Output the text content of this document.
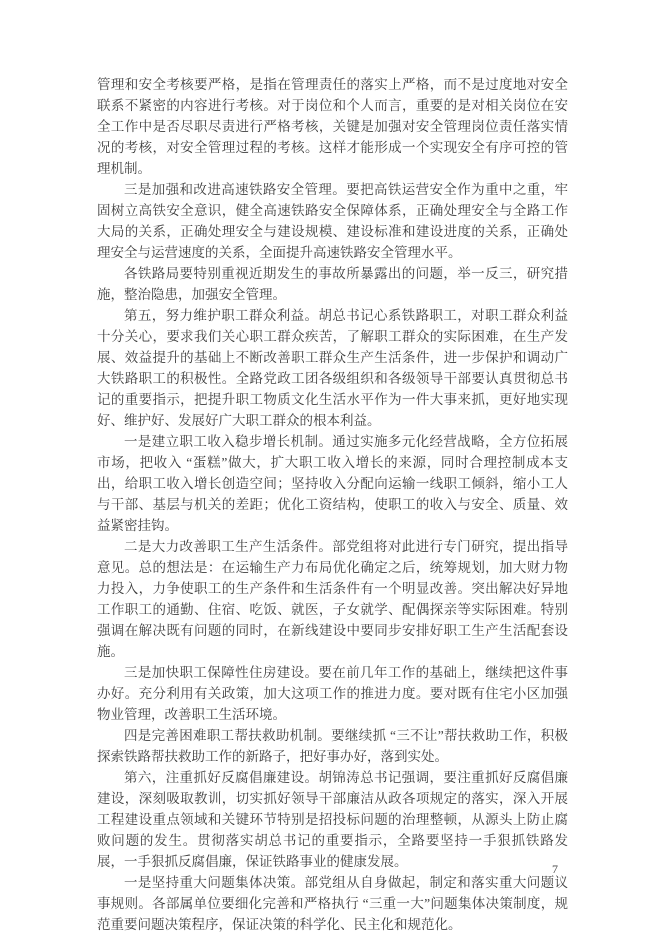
管理和安全考核要严格，是指在管理责任的落实上严格，而不是过度地对安全联系不紧密的内容进行考核。对于岗位和个人而言，重要的是对相关岗位在安全工作中是否尽职尽责进行严格考核，关键是加强对安全管理岗位责任落实情况的考核，对安全管理过程的考核。这样才能形成一个实现安全有序可控的管理机制。

三是加强和改进高速铁路安全管理。要把高铁运营安全作为重中之重，牢固树立高铁安全意识，健全高速铁路安全保障体系，正确处理安全与全路工作大局的关系，正确处理安全与建设规模、建设标准和建设进度的关系，正确处理安全与运营速度的关系，全面提升高速铁路安全管理水平。

各铁路局要特别重视近期发生的事故所暴露出的问题，举一反三，研究措施，整治隐患，加强安全管理。

第五，努力维护职工群众利益。胡总书记心系铁路职工，对职工群众利益十分关心，要求我们关心职工群众疾苦，了解职工群众的实际困难，在生产发展、效益提升的基础上不断改善职工群众生产生活条件，进一步保护和调动广大铁路职工的积极性。全路党政工团各级组织和各级领导干部要认真贯彻总书记的重要指示，把提升职工物质文化生活水平作为一件大事来抓，更好地实现好、维护好、发展好广大职工群众的根本利益。

一是建立职工收入稳步增长机制。通过实施多元化经营战略，全方位拓展市场，把收入 “蛋糕”做大，扩大职工收入增长的来源，同时合理控制成本支出，给职工收入增长创造空间；坚持收入分配向运输一线职工倾斜，缩小工人与干部、基层与机关的差距；优化工资结构，使职工的收入与安全、质量、效益紧密挂钩。

二是大力改善职工生产生活条件。部党组将对此进行专门研究，提出指导意见。总的想法是：在运输生产力布局优化确定之后，统筹规划，加大财力物力投入，力争使职工的生产条件和生活条件有一个明显改善。突出解决好异地工作职工的通勤、住宿、吃饭、就医，子女就学、配偶探亲等实际困难。特别强调在解决既有问题的同时，在新线建设中要同步安排好职工生产生活配套设施。

三是加快职工保障性住房建设。要在前几年工作的基础上，继续把这件事办好。充分利用有关政策，加大这项工作的推进力度。要对既有住宅小区加强物业管理，改善职工生活环境。

四是完善困难职工帮扶救助机制。要继续抓 “三不让”帮扶救助工作，积极探索铁路帮扶救助工作的新路子，把好事办好，落到实处。

第六，注重抓好反腐倡廉建设。胡锦涛总书记强调，要注重抓好反腐倡廉建设，深刻吸取教训，切实抓好领导干部廉洁从政各项规定的落实，深入开展工程建设重点领域和关键环节特别是招投标问题的治理整顿，从源头上防止腐败问题的发生。贯彻落实胡总书记的重要指示，全路要坚持一手狠抓铁路发展，一手狠抓反腐倡廉，保证铁路事业的健康发展。

一是坚持重大问题集体决策。部党组从自身做起，制定和落实重大问题议事规则。各部属单位要细化完善和严格执行 “三重一大”问题集体决策制度，规范重要问题决策程序，保证决策的科学化、民主化和规范化。

7
